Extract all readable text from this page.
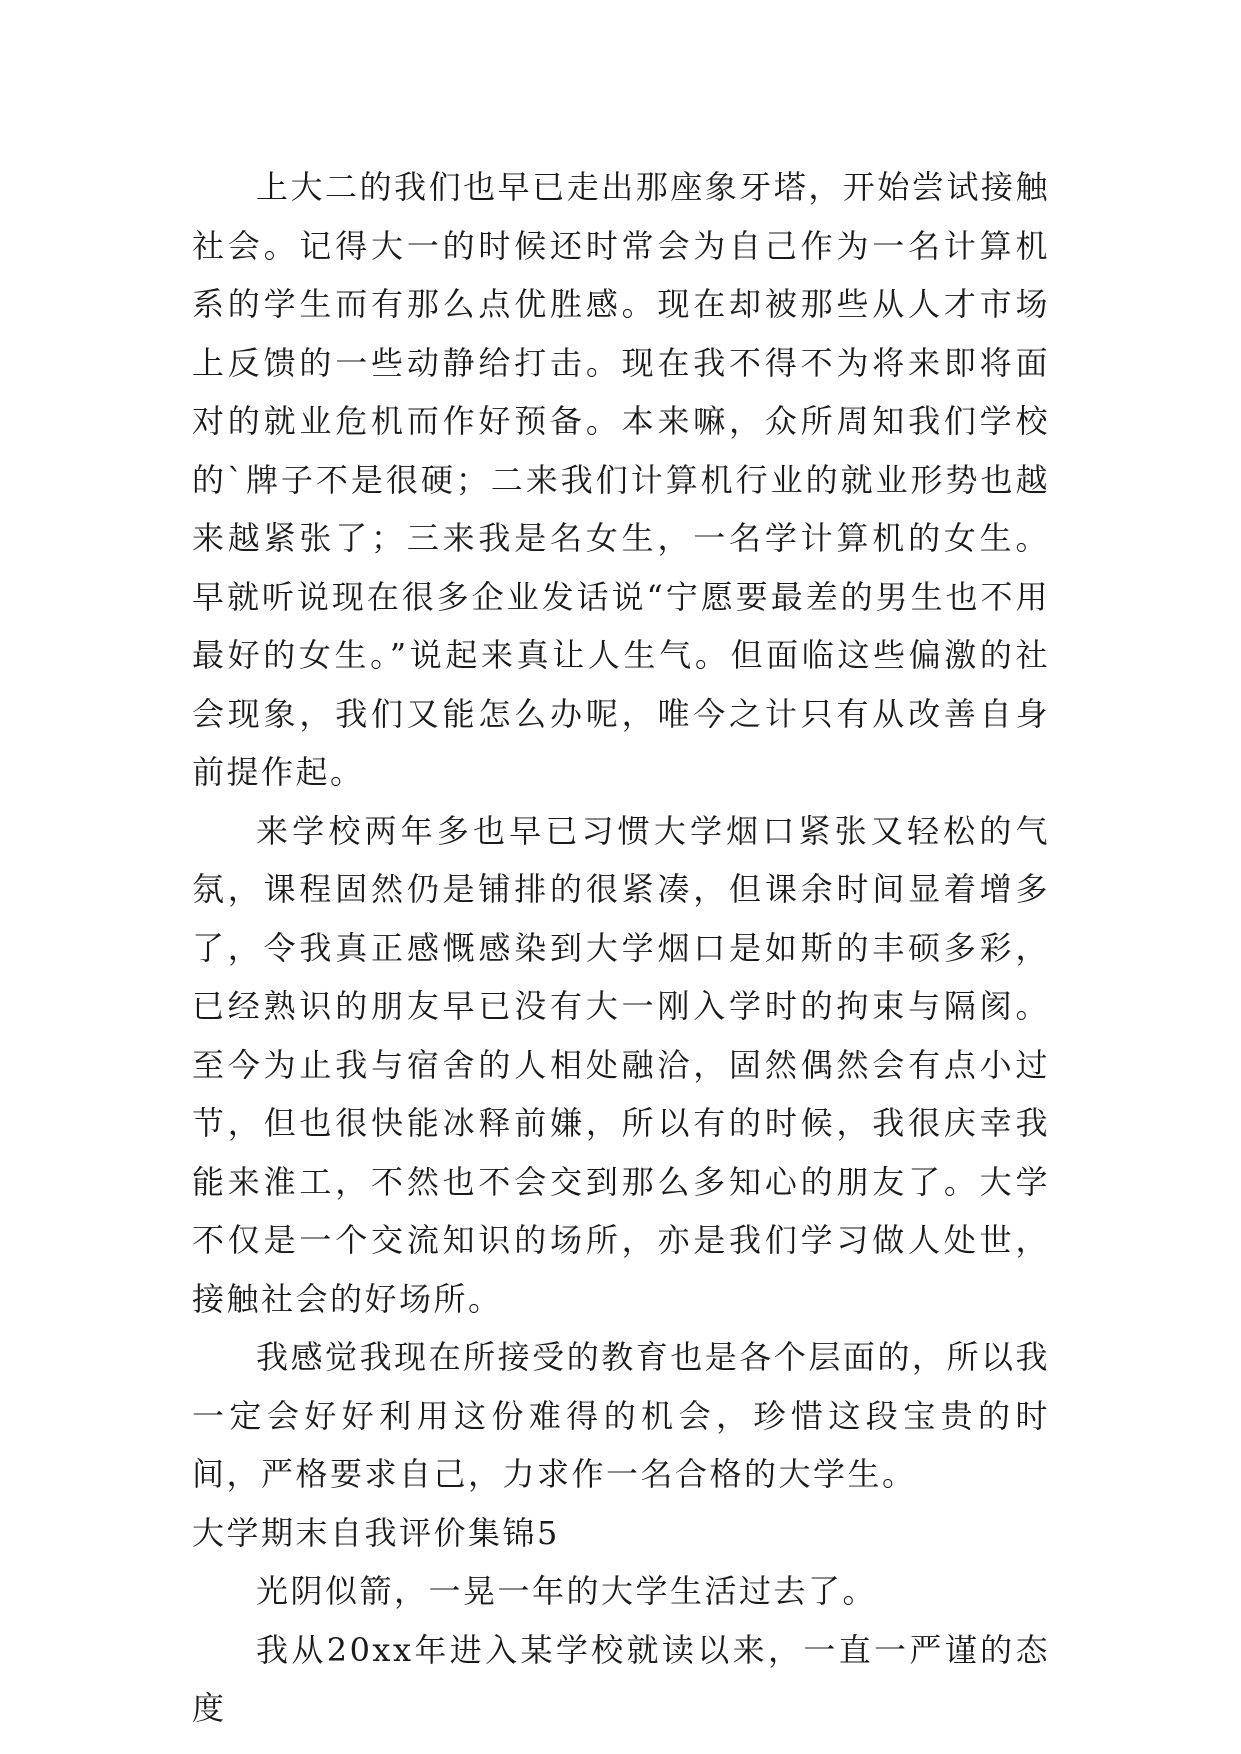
上大二的我们也早已走出那座象牙塔，开始尝试接触社会。记得大一的时候还时常会为自己作为一名计算机系的学生而有那么点优胜感。现在却被那些从人才市场上反馈的一些动静给打击。现在我不得不为将来即将面对的就业危机而作好预备。本来嘛，众所周知我们学校的`牌子不是很硬；二来我们计算机行业的就业形势也越来越紧张了；三来我是名女生，一名学计算机的女生。早就听说现在很多企业发话说“宁愿要最差的男生也不用最好的女生。”说起来真让人生气。但面临这些偏激的社会现象，我们又能怎么办呢，唯今之计只有从改善自身前提作起。

来学校两年多也早已习惯大学烟口紧张又轻松的气氛，课程固然仍是铺排的很紧凑，但课余时间显着增多了，令我真正感慨感染到大学烟口是如斯的丰硕多彩，已经熟识的朋友早已没有大一刚入学时的拘束与隔阂。至今为止我与宿舍的人相处融洽，固然偶然会有点小过节，但也很快能冰释前嫌，所以有的时候，我很庆幸我能来淮工，不然也不会交到那么多知心的朋友了。大学不仅是一个交流知识的场所，亦是我们学习做人处世，接触社会的好场所。

我感觉我现在所接受的教育也是各个层面的，所以我一定会好好利用这份难得的机会，珍惜这段宝贵的时间，严格要求自己，力求作一名合格的大学生。

大学期末自我评价集锦5

光阴似箭，一晃一年的大学生活过去了。

我从20xx年进入某学校就读以来，一直一严谨的态度
